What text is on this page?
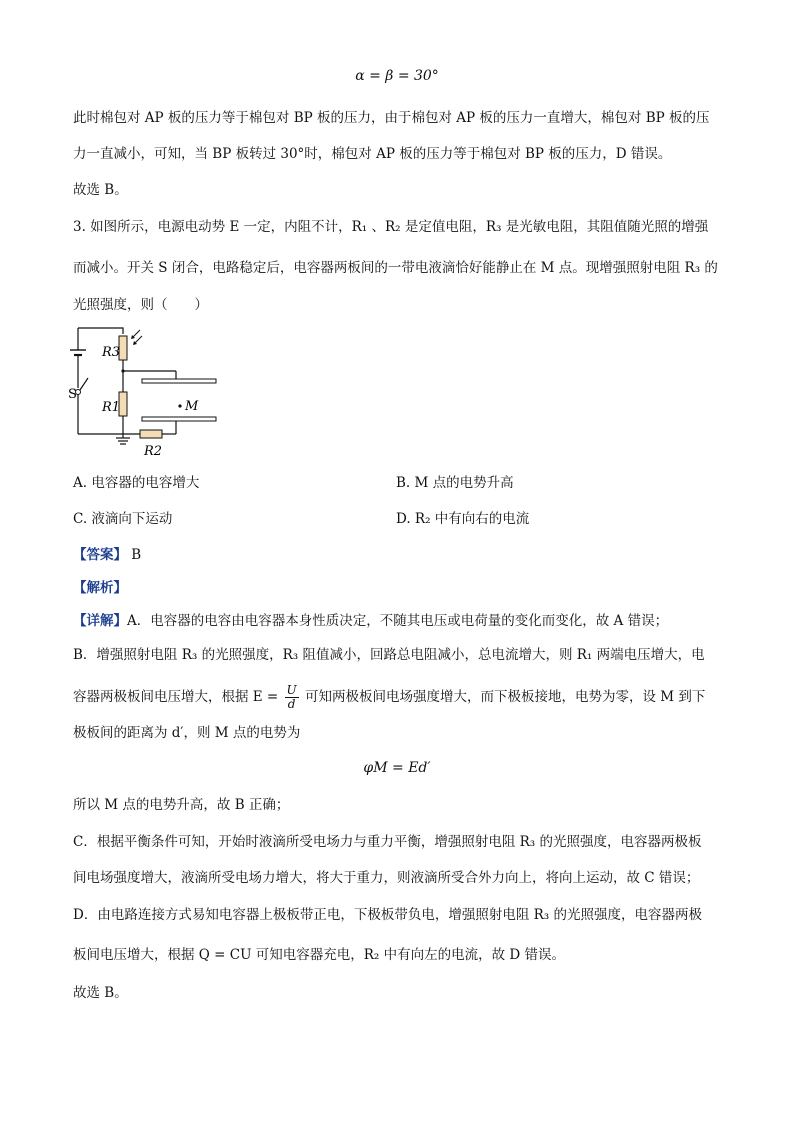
α = β = 30°
此时棉包对 AP 板的压力等于棉包对 BP 板的压力，由于棉包对 AP 板的压力一直增大，棉包对 BP 板的压
力一直减小，可知，当 BP 板转过 30°时，棉包对 AP 板的压力等于棉包对 BP 板的压力，D 错误。
故选 B。
3. 如图所示，电源电动势 E 一定，内阻不计，R₁ 、R₂ 是定值电阻，R₃ 是光敏电阻，其阻值随光照的增强
而减小。开关 S 闭合，电路稳定后，电容器两板间的一带电液滴恰好能静止在 M 点。现增强照射电阻 R₃ 的
光照强度，则（　　）
R3
R1
R2
S
M
A. 电容器的电容增大	B. M 点的电势升高
C. 液滴向下运动	D. R₂ 中有向右的电流
【答案】 B
【解析】
【详解】A．电容器的电容由电容器本身性质决定，不随其电压或电荷量的变化而变化，故 A 错误；
B．增强照射电阻 R₃ 的光照强度，R₃ 阻值减小，回路总电阻减小，总电流增大，则 R₁ 两端电压增大，电
容器两极板间电压增大，根据 $E = \frac{U}{d}$ 可知两极板间电场强度增大，而下极板接地，电势为零，设 M 到下
极板间的距离为 d′，则 M 点的电势为
φM = Ed′
所以 M 点的电势升高，故 B 正确；
C．根据平衡条件可知，开始时液滴所受电场力与重力平衡，增强照射电阻 R₃ 的光照强度，电容器两极板
间电场强度增大，液滴所受电场力增大，将大于重力，则液滴所受合外力向上，将向上运动，故 C 错误；
D．由电路连接方式易知电容器上极板带正电，下极板带负电，增强照射电阻 R₃ 的光照强度，电容器两极
板间电压增大，根据 Q = CU 可知电容器充电，R₂ 中有向左的电流，故 D 错误。
故选 B。
